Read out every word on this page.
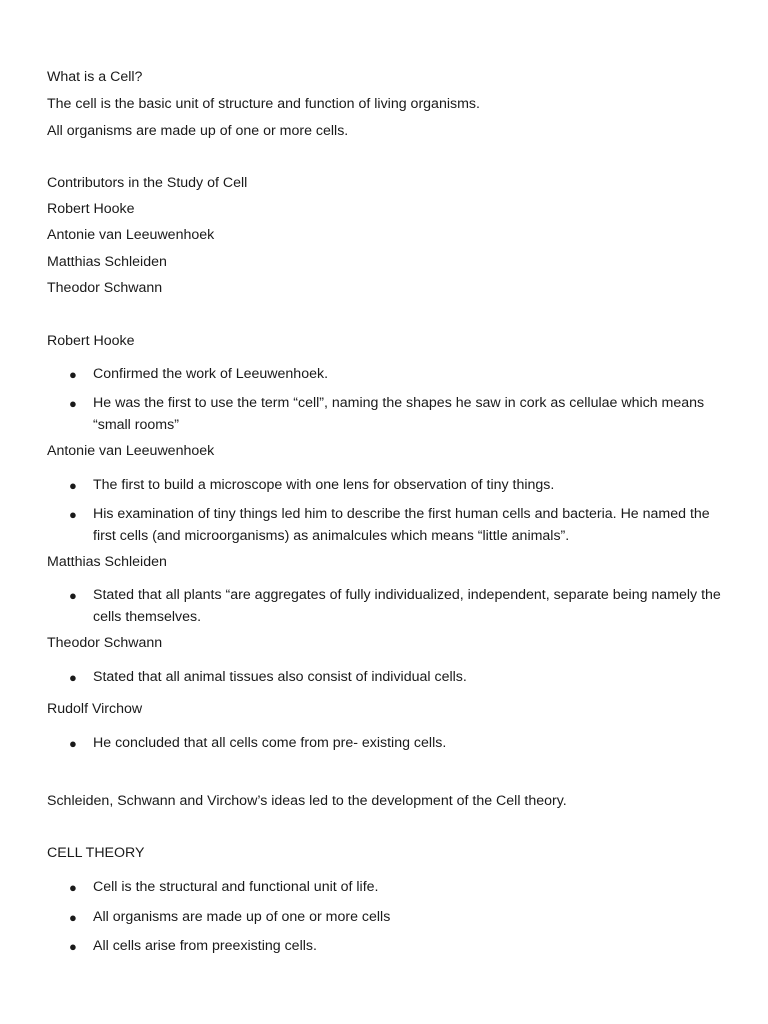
What is a Cell?

The cell is the basic unit of structure and function of living organisms.

All organisms are made up of one or more cells.

Contributors in the Study of Cell

Robert Hooke

Antonie van Leeuwenhoek

Matthias Schleiden

Theodor Schwann

Robert Hooke

● Confirmed the work of Leeuwenhoek.

● He was the first to use the term “cell”, naming the shapes he saw in cork as cellulae which means “small rooms”

Antonie van Leeuwenhoek

● The first to build a microscope with one lens for observation of tiny things.

● His examination of tiny things led him to describe the first human cells and bacteria. He named the first cells (and microorganisms) as animalcules which means “little animals”.

Matthias Schleiden

● Stated that all plants “are aggregates of fully individualized, independent, separate being namely the cells themselves.

Theodor Schwann

● Stated that all animal tissues also consist of individual cells.

Rudolf Virchow

● He concluded that all cells come from pre- existing cells.

Schleiden, Schwann and Virchow’s ideas led to the development of the Cell theory.

CELL THEORY

● Cell is the structural and functional unit of life.

● All organisms are made up of one or more cells

● All cells arise from preexisting cells.
